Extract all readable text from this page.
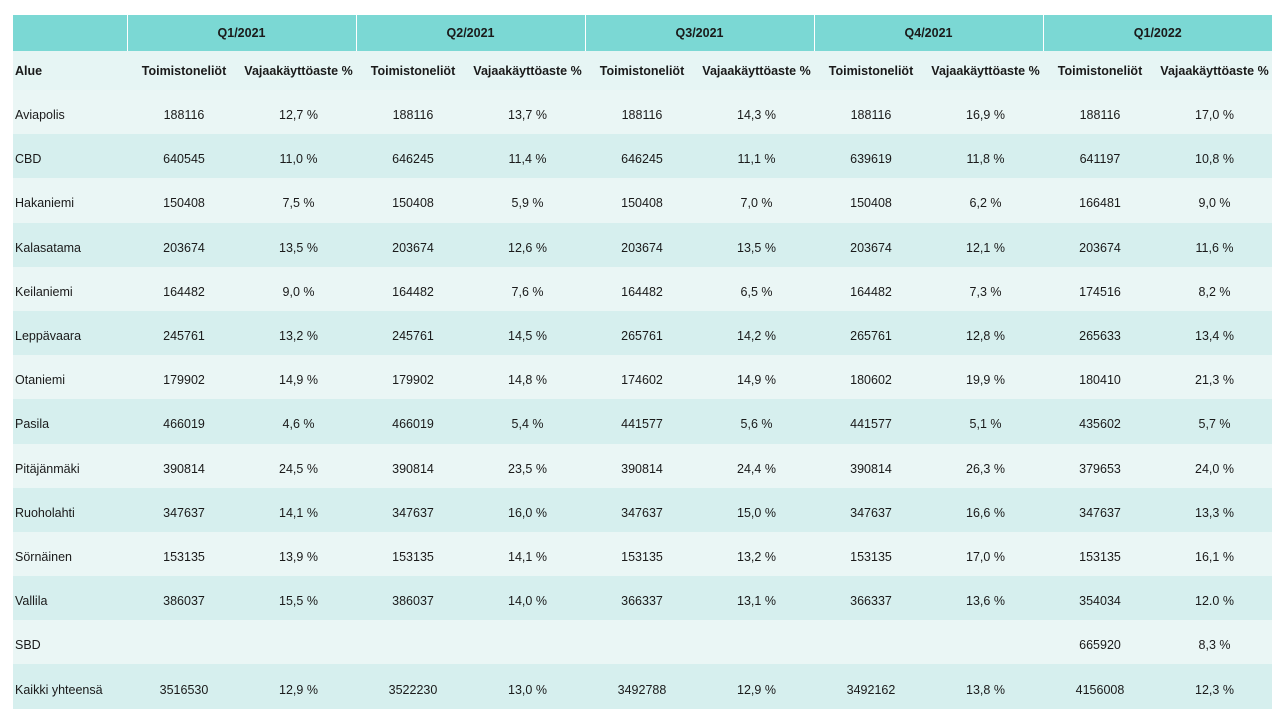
	Q1/2021		Q2/2021		Q3/2021		Q4/2021		Q1/2022	
Alue	Toimistoneliöt	Vajaakäyttöaste %	Toimistoneliöt	Vajaakäyttöaste %	Toimistoneliöt	Vajaakäyttöaste %	Toimistoneliöt	Vajaakäyttöaste %	Toimistoneliöt	Vajaakäyttöaste %
Aviapolis	188116	12,7 %	188116	13,7 %	188116	14,3 %	188116	16,9 %	188116	17,0 %
CBD	640545	11,0 %	646245	11,4 %	646245	11,1 %	639619	11,8 %	641197	10,8 %
Hakaniemi	150408	7,5 %	150408	5,9 %	150408	7,0 %	150408	6,2 %	166481	9,0 %
Kalasatama	203674	13,5 %	203674	12,6 %	203674	13,5 %	203674	12,1 %	203674	11,6 %
Keilaniemi	164482	9,0 %	164482	7,6 %	164482	6,5 %	164482	7,3 %	174516	8,2 %
Leppävaara	245761	13,2 %	245761	14,5 %	265761	14,2 %	265761	12,8 %	265633	13,4 %
Otaniemi	179902	14,9 %	179902	14,8 %	174602	14,9 %	180602	19,9 %	180410	21,3 %
Pasila	466019	4,6 %	466019	5,4 %	441577	5,6 %	441577	5,1 %	435602	5,7 %
Pitäjänmäki	390814	24,5 %	390814	23,5 %	390814	24,4 %	390814	26,3 %	379653	24,0 %
Ruoholahti	347637	14,1 %	347637	16,0 %	347637	15,0 %	347637	16,6 %	347637	13,3 %
Sörnäinen	153135	13,9 %	153135	14,1 %	153135	13,2 %	153135	17,0 %	153135	16,1 %
Vallila	386037	15,5 %	386037	14,0 %	366337	13,1 %	366337	13,6 %	354034	12.0 %
SBD									665920	8,3 %
Kaikki yhteensä	3516530	12,9 %	3522230	13,0 %	3492788	12,9 %	3492162	13,8 %	4156008	12,3 %
